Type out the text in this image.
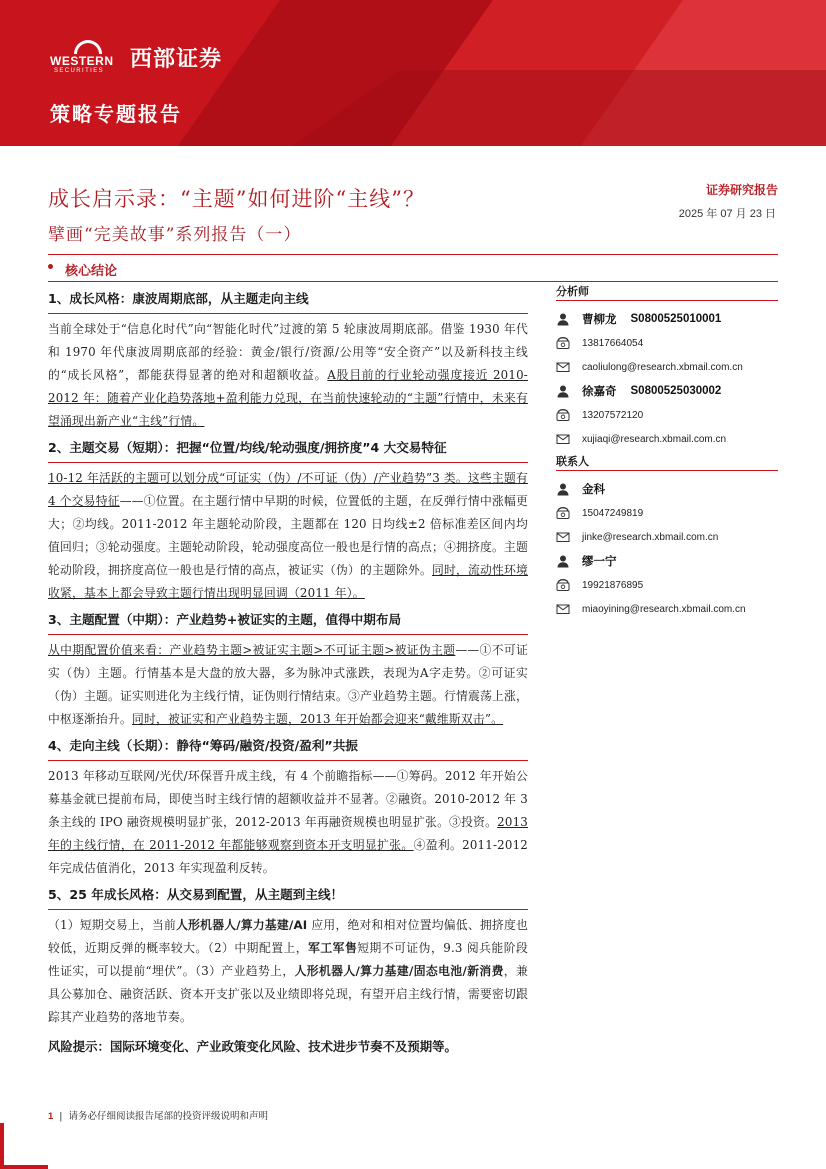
WESTERN
SECURITIES 西部证券
策略专题报告
成长启示录：“主题”如何进阶“主线”？
擘画“完美故事”系列报告（一）
证券研究报告
2025 年 07 月 23 日
核心结论
1、成长风格：康波周期底部，从主题走向主线
当前全球处于“信息化时代”向“智能化时代”过渡的第 5 轮康波周期底部。借鉴 1930 年代和 1970 年代康波周期底部的经验：黄金/银行/资源/公用等“安全资产”以及新科技主线的“成长风格”，都能获得显著的绝对和超额收益。A股目前的行业轮动强度接近 2010-2012 年：随着产业化趋势落地+盈利能力兑现，在当前快速轮动的“主题”行情中，未来有望涌现出新产业“主线”行情。
2、主题交易（短期）：把握“位置/均线/轮动强度/拥挤度”4 大交易特征
10-12 年活跃的主题可以划分成“可证实（伪）/不可证（伪）/产业趋势”3 类。这些主题有 4 个交易特征——①位置。在主题行情中早期的时候，位置低的主题，在反弹行情中涨幅更大；②均线。2011-2012 年主题轮动阶段，主题都在 120 日均线±2 倍标准差区间内均值回归；③轮动强度。主题轮动阶段，轮动强度高位一般也是行情的高点；④拥挤度。主题轮动阶段，拥挤度高位一般也是行情的高点，被证实（伪）的主题除外。同时，流动性环境收紧，基本上都会导致主题行情出现明显回调（2011 年）。
3、主题配置（中期）：产业趋势+被证实的主题，值得中期布局
从中期配置价值来看：产业趋势主题>被证实主题>不可证主题>被证伪主题——①不可证实（伪）主题。行情基本是大盘的放大器，多为脉冲式涨跌，表现为A字走势。②可证实（伪）主题。证实则进化为主线行情，证伪则行情结束。③产业趋势主题。行情震荡上涨，中枢逐渐抬升。同时，被证实和产业趋势主题，2013 年开始都会迎来“戴维斯双击”。
4、走向主线（长期）：静待“筹码/融资/投资/盈利”共振
2013 年移动互联网/光伏/环保晋升成主线，有 4 个前瞻指标——①筹码。2012 年开始公募基金就已提前布局，即使当时主线行情的超额收益并不显著。②融资。2010-2012 年 3 条主线的 IPO 融资规模明显扩张，2012-2013 年再融资规模也明显扩张。③投资。2013 年的主线行情，在 2011-2012 年都能够观察到资本开支明显扩张。④盈利。2011-2012 年完成估值消化，2013 年实现盈利反转。
5、25 年成长风格：从交易到配置，从主题到主线！
（1）短期交易上，当前人形机器人/算力基建/AI 应用，绝对和相对位置均偏低、拥挤度也较低，近期反弹的概率较大。（2）中期配置上，军工军售短期不可证伪，9.3 阅兵能阶段性证实，可以提前“埋伏”。（3）产业趋势上，人形机器人/算力基建/固态电池/新消费，兼具公募加仓、融资活跃、资本开支扩张以及业绩即将兑现，有望开启主线行情，需要密切跟踪其产业趋势的落地节奏。
风险提示：国际环境变化、产业政策变化风险、技术进步节奏不及预期等。
分析师
曹柳龙 S0800525010001
13817664054
caoliulong@research.xbmail.com.cn
徐嘉奇 S0800525030002
13207572120
xujiaqi@research.xbmail.com.cn
联系人
金科
15047249819
jinke@research.xbmail.com.cn
缪一宁
19921876895
miaoyining@research.xbmail.com.cn
1 | 请务必仔细阅读报告尾部的投资评级说明和声明
